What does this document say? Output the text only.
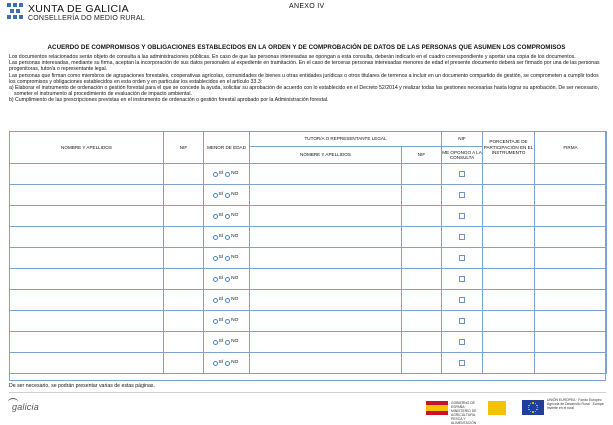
XUNTA DE GALICIA
CONSELLERÍA DO MEDIO RURAL
ANEXO IV
ACUERDO DE COMPROMISOS Y OBLIGACIONES ESTABLECIDOS EN LA ORDEN Y DE COMPROBACIÓN DE DATOS DE LAS PERSONAS QUE ASUMEN LOS COMPROMISOS

Los documentos relacionados serán objeto de consulta a las administraciones públicas. En caso de que las personas interesadas se opongan a esta consulta, deberán indicarlo en el cuadro correspondiente y aportar una copia de los documentos.

Las personas interesadas, mediante su firma, aceptan la incorporación de sus datos personales al expediente en tramitación. En el caso de terceras personas interesadas menores de edad el presente documento deberá ser firmado por una de las personas progenitoras, tutor/a o representante legal.

Las personas que firman como miembros de agrupaciones forestales, cooperativas agrícolas, comunidades de bienes u otras entidades jurídicas o otros titulares de terrenos a incluir en un documento compartido de gestión, se comprometen a cumplir todos los compromisos y obligaciones establecidos en esta orden y en particular los establecidos en el artículo 33.3:

a) Elaborar el instrumento de ordenación o gestión forestal para el que se concede la ayuda, solicitar su aprobación de acuerdo con lo establecido en el Decreto 52/2014 y realizar todas las gestiones necesarias hasta lograr su aprobación. De ser necesario, someter el instrumento al procedimiento de evaluación de impacto ambiental.

b) Cumplimiento de las prescripciones previstas en el instrumento de ordenación o gestión forestal aprobado por la Administración forestal.

NOMBRE Y APELLIDOS	NIF	MENOR DE EDAD	TUTOR/A O REPRESENTANTE LEGAL		NIF	PORCENTAJE DE PARTICIPACIÓN EN EL INSTRUMENTO	FIRMA
			NOMBRE Y APELLIDOS	NIF	ME OPONGO A LA CONSULTA		
		SÍ NO					
		SÍ NO					
		SÍ NO					
		SÍ NO					
		SÍ NO					
		SÍ NO					
		SÍ NO					
		SÍ NO					
		SÍ NO					
		SÍ NO					
De ser necesario, se podrán presentar varias de estas páginas.
galicia	GOBIERNO DE ESPAÑA · MINISTERIO DE AGRICULTURA, PESCA Y ALIMENTACIÓN
UNIÓN EUROPEA · Fondo Europeo Agrícola de Desarrollo Rural · Europa invierte en el rural
